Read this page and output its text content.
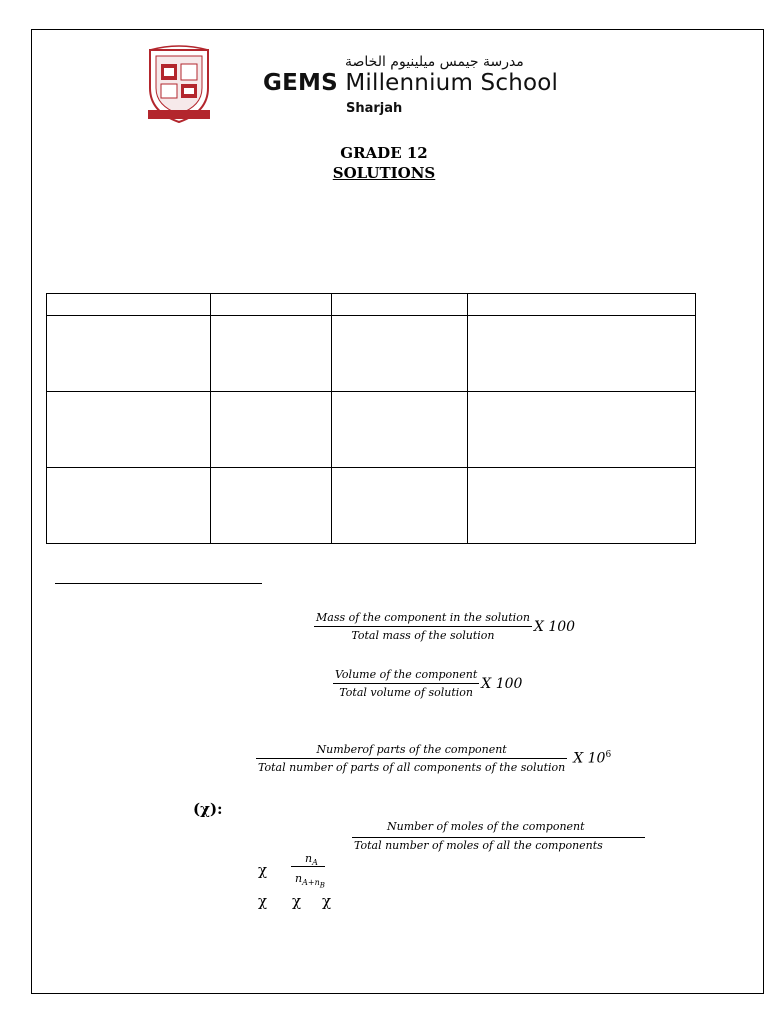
مدرسة جيمس ميلينيوم الخاصة
GEMS Millennium School
Sharjah
GRADE 12
SOLUTIONS

$\frac{\text{Mass of the component in the solution}}{\text{Total mass of the solution}}$ X 100
$\frac{\text{Volume of the component}}{\text{Total volume of solution}}$ X 100
$\frac{\text{Numberof parts of the component}}{\text{Total number of parts of all components of the solution}}$ X $10^6$
(χ):
Number of moles of the component
Total number of moles of all the components
χ
$n_A$
$n_{A+n_B}$
χ χ χ
